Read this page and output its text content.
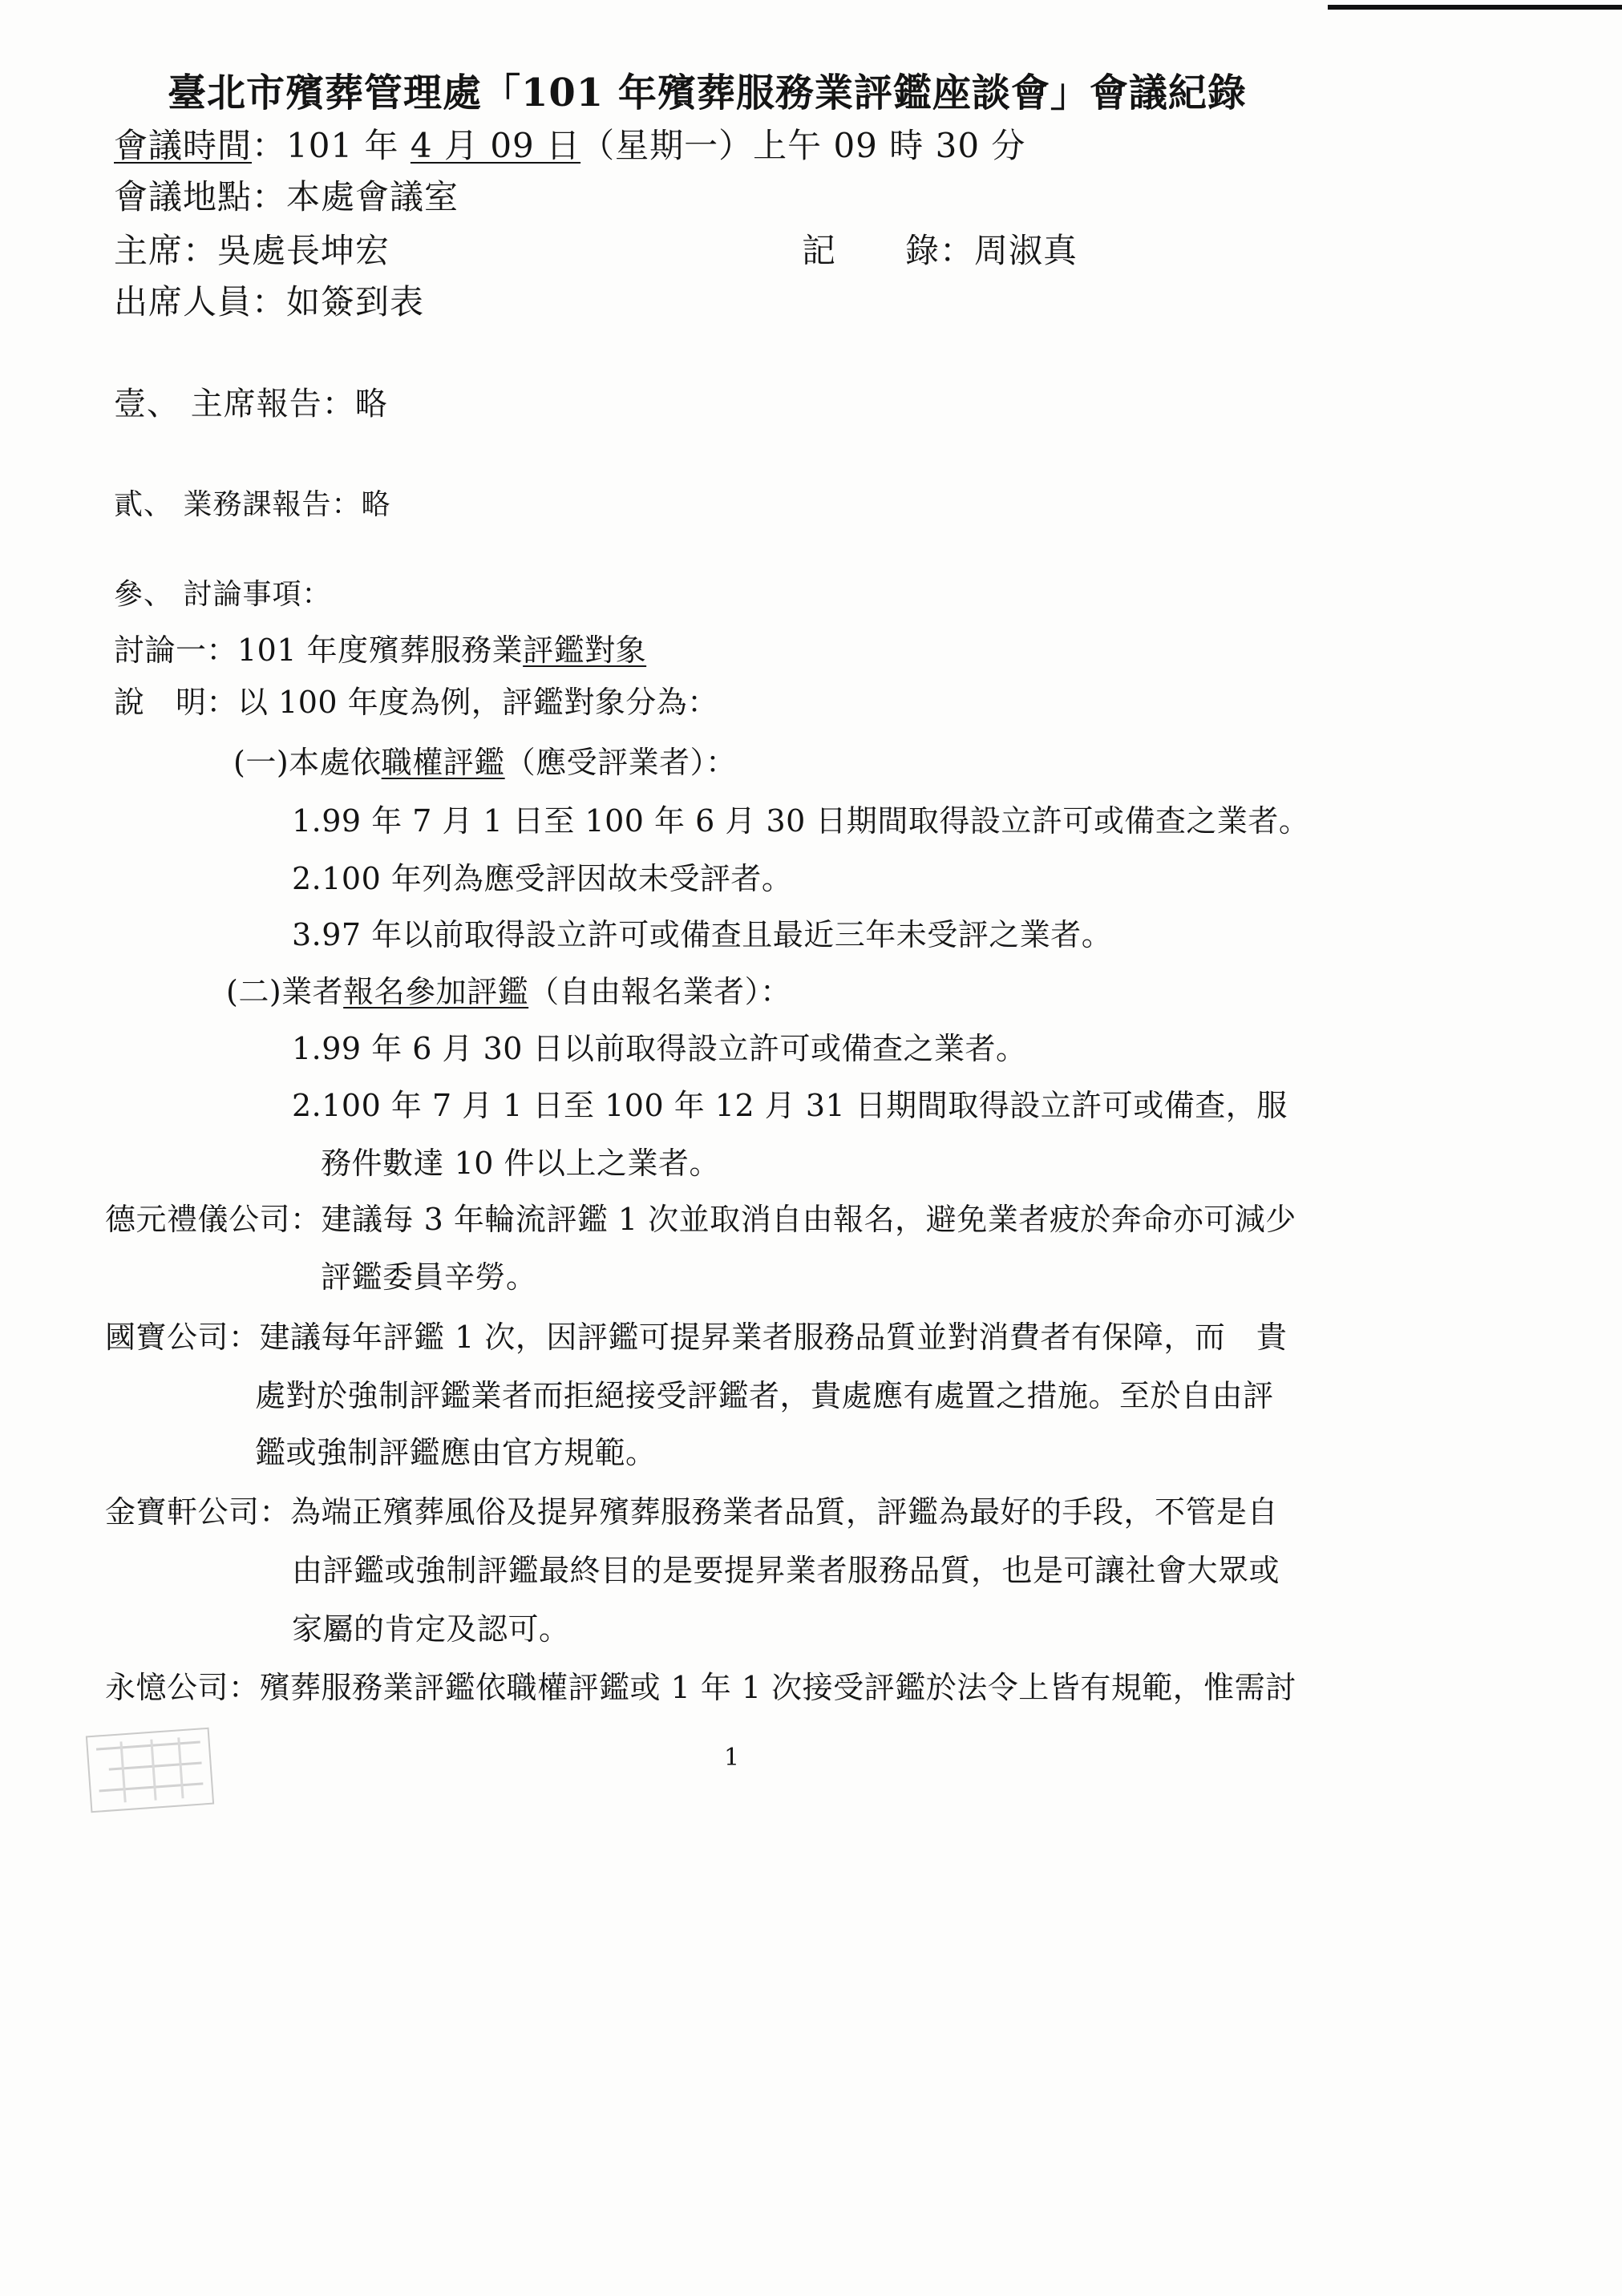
臺北市殯葬管理處「101 年殯葬服務業評鑑座談會」會議紀錄
會議時間：101 年 4 月 09 日（星期一）上午 09 時 30 分
會議地點：本處會議室
主席：吳處長坤宏	記　　錄：周淑真
出席人員：如簽到表
壹、 主席報告：略
貳、 業務課報告：略
參、 討論事項：
討論一：101 年度殯葬服務業評鑑對象
說　明：以 100 年度為例，評鑑對象分為：
(一)本處依職權評鑑（應受評業者）：
1.99 年 7 月 1 日至 100 年 6 月 30 日期間取得設立許可或備查之業者。
2.100 年列為應受評因故未受評者。
3.97 年以前取得設立許可或備查且最近三年未受評之業者。
(二)業者報名參加評鑑（自由報名業者）：
1.99 年 6 月 30 日以前取得設立許可或備查之業者。
2.100 年 7 月 1 日至 100 年 12 月 31 日期間取得設立許可或備查，服
務件數達 10 件以上之業者。
德元禮儀公司：建議每 3 年輪流評鑑 1 次並取消自由報名，避免業者疲於奔命亦可減少
評鑑委員辛勞。
國寶公司：建議每年評鑑 1 次，因評鑑可提昇業者服務品質並對消費者有保障，而　貴
處對於強制評鑑業者而拒絕接受評鑑者，貴處應有處置之措施。至於自由評
鑑或強制評鑑應由官方規範。
金寶軒公司：為端正殯葬風俗及提昇殯葬服務業者品質，評鑑為最好的手段，不管是自
由評鑑或強制評鑑最終目的是要提昇業者服務品質，也是可讓社會大眾或
家屬的肯定及認可。
永憶公司：殯葬服務業評鑑依職權評鑑或 1 年 1 次接受評鑑於法令上皆有規範，惟需討
1
